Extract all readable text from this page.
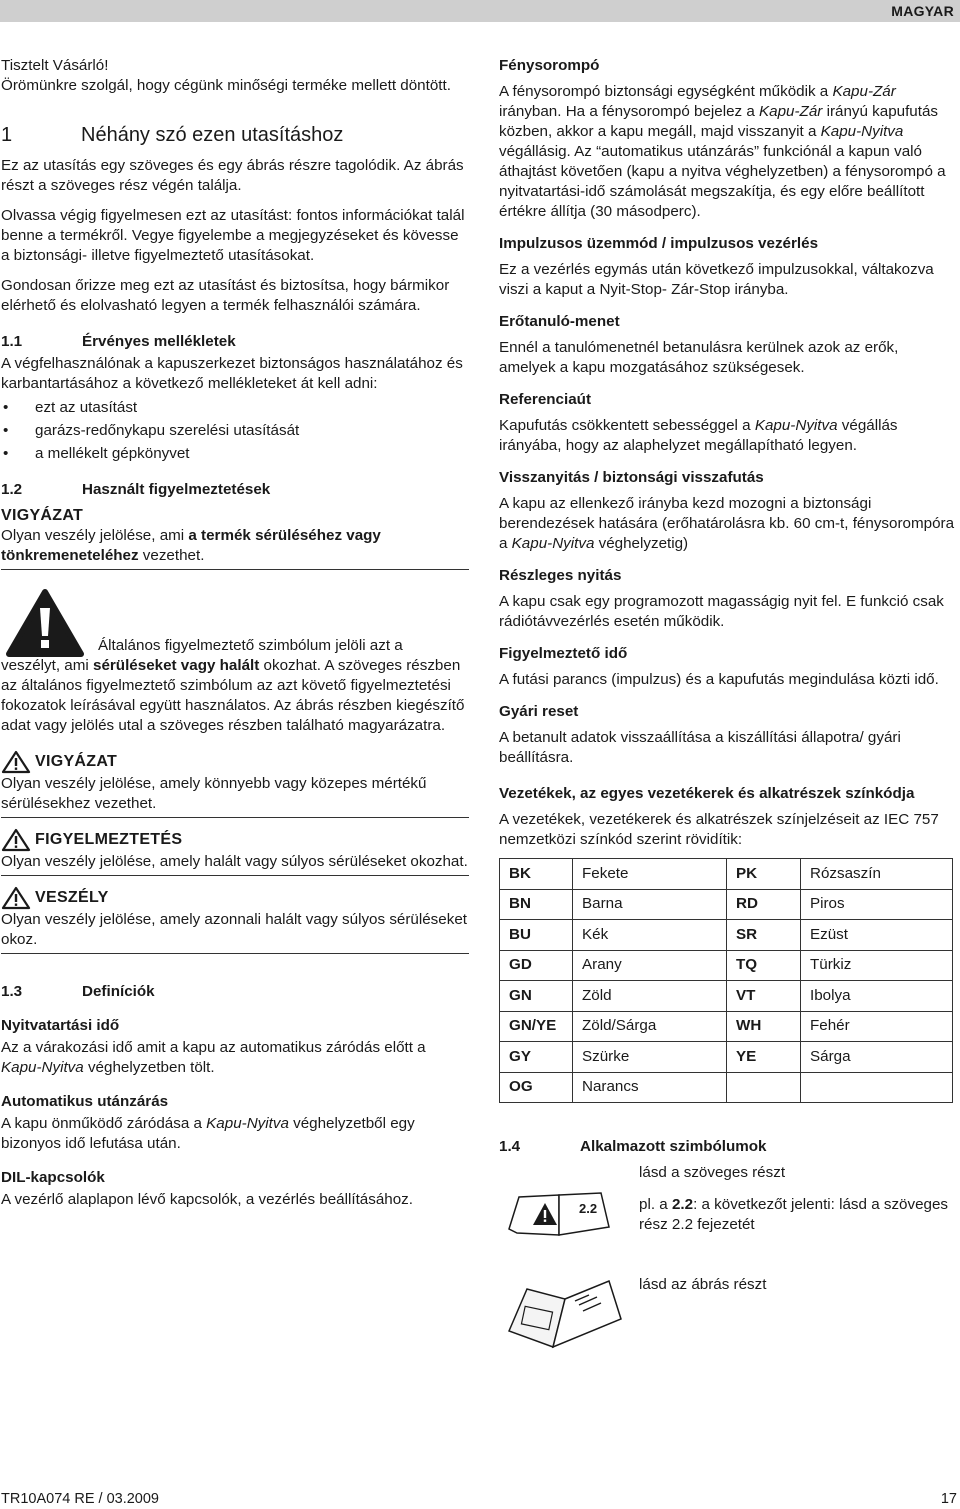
MAGYAR

Tisztelt Vásárló!

Örömünkre szolgál, hogy cégünk minőségi terméke mellett döntött.

1	Néhány szó ezen utasításhoz

Ez az utasítás egy szöveges és egy ábrás részre tagolódik. Az ábrás részt a szöveges rész végén találja.

Olvassa végig figyelmesen ezt az utasítást: fontos információkat talál benne a termékről. Vegye figyelembe a megjegyzéseket és kövesse a biztonsági- illetve figyelmeztető utasításokat.

Gondosan őrizze meg ezt az utasítást és biztosítsa, hogy bármikor elérhető és elolvasható legyen a termék felhasználói számára.

1.1	Érvényes mellékletek

A végfelhasználónak a kapuszerkezet biztonságos használatához és karbantartásához a következő mellékleteket át kell adni:

• ezt az utasítást
• garázs-redőnykapu szerelési utasítását
• a mellékelt gépkönyvet
1.2	Használt figyelmeztetések
VIGYÁZAT

Olyan veszély jelölése, ami a termék sérüléséhez vagy tönkremeneteléhez vezethet.

Általános figyelmeztető szimbólum jelöli azt a

veszélyt, ami sérüléseket vagy halált okozhat. A szöveges részben az általános figyelmeztető szimbólum az azt követő figyelmeztetési fokozatok leírásával együtt használatos. Az ábrás részben kiegészítő adat vagy jelölés utal a szöveges részben található magyarázatra.

VIGYÁZAT

Olyan veszély jelölése, amely könnyebb vagy közepes mértékű sérülésekhez vezethet.

FIGYELMEZTETÉS

Olyan veszély jelölése, amely halált vagy súlyos sérüléseket okozhat.

VESZÉLY

Olyan veszély jelölése, amely azonnali halált vagy súlyos sérüléseket okoz.

1.3	Definíciók
Nyitvatartási idő

Az a várakozási idő amit a kapu az automatikus záródás előtt a Kapu-Nyitva véghelyzetben tölt.

Automatikus utánzárás

A kapu önműködő záródása a Kapu-Nyitva véghelyzetből egy bizonyos idő lefutása után.

DIL-kapcsolók

A vezérlő alaplapon lévő kapcsolók, a vezérlés beállításához.

Fénysorompó

A fénysorompó biztonsági egységként működik a Kapu-Zár irányban. Ha a fénysorompó bejelez a Kapu-Zár irányú kapufutás közben, akkor a kapu megáll, majd visszanyit a Kapu-Nyitva végállásig. Az “automatikus utánzárás” funkciónál a kapun való áthajtást követően (kapu a nyitva véghelyzetben) a fénysorompó a nyitvatartási-idő számolását megszakítja, és egy előre beállított értékre állítja (30 másodperc).

Impulzusos üzemmód / impulzusos vezérlés

Ez a vezérlés egymás után következő impulzusokkal, váltakozva viszi a kaput a Nyit-Stop- Zár-Stop irányba.

Erőtanuló-menet

Ennél a tanulómenetnél betanulásra kerülnek azok az erők, amelyek a kapu mozgatásához szükségesek.

Referenciaút

Kapufutás csökkentett sebességgel a Kapu-Nyitva végállás irányába, hogy az alaphelyzet megállapítható legyen.

Visszanyitás / biztonsági visszafutás

A kapu az ellenkező irányba kezd mozogni a biztonsági berendezések hatására (erőhatárolásra kb. 60 cm-t, fénysorompóra a Kapu-Nyitva véghelyzetig)

Részleges nyitás

A kapu csak egy programozott magasságig nyit fel. E funkció csak rádiótávvezérlés esetén működik.

Figyelmeztető idő

A futási parancs (impulzus) és a kapufutás megindulása közti idő.

Gyári reset

A betanult adatok visszaállítása a kiszállítási állapotra/ gyári beállításra.

Vezetékek, az egyes vezetékerek és alkatrészek színkódja

A vezetékek, vezetékerek és alkatrészek színjelzéseit az IEC 757 nemzetközi színkód szerint rövidítik:

BK	Fekete	PK	Rózsaszín
BN	Barna	RD	Piros
BU	Kék	SR	Ezüst
GD	Arany	TQ	Türkiz
GN	Zöld	VT	Ibolya
GN/YE	Zöld/Sárga	WH	Fehér
GY	Szürke	YE	Sárga
OG	Narancs		
1.4	Alkalmazott szimbólumok

lásd a szöveges részt

2.2	pl. a 2.2: a következőt jelenti: lásd a szöveges rész 2.2 fejezetét

lásd az ábrás részt

TR10A074 RE / 03.2009	17
